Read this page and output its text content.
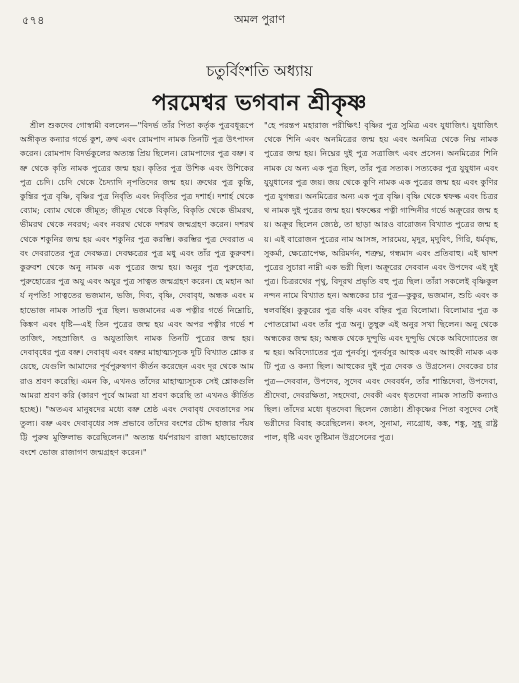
৫৭৪	অমল পুরাণ
চতুর্বিংশতি অধ্যায়
পরমেশ্বর ভগবান শ্রীকৃষ্ণ

শ্রীল শুকদেব গোস্বামী বললেন—"বিদর্ভ তাঁর পিতা কর্তৃক পুত্রবধূরূপে অঙ্গীকৃত কন্যার গর্ভে কুশ, ক্রথ এবং রোমপাদ নামক তিনটি পুত্র উৎপাদন করেন। রোমপাদ বিদর্ভকুলের অত্যন্ত প্রিয় ছিলেন। রোমপাদের পুত্র বভ্রু। বভ্রু থেকে কৃতি নামক পুত্রের জন্ম হয়। কৃতির পুত্র উশিক এবং উশিকের পুত্র চেদি। চেদি থেকে চৈদ্যাদি নৃপতিদের জন্ম হয়। ক্রথের পুত্র কুন্তি, কুন্তির পুত্র বৃষ্ণি, বৃষ্ণির পুত্র নির্বৃতি এবং নির্বৃতির পুত্র দশার্হ। দশার্হ থেকে ব্যোম; ব্যোম থেকে জীমূত; জীমূত থেকে বিকৃতি, বিকৃতি থেকে ভীমরথ, ভীমরথ থেকে নবরথ; এবং নবরথ থেকে দশরথ জন্মগ্রহণ করেন। দশরথ থেকে শকুনির জন্ম হয় এবং শকুনির পুত্র করম্ভি। করম্ভির পুত্র দেবরাত এবং দেবরাতের পুত্র দেবক্ষত্র। দেবক্ষত্রের পুত্র মধু এবং তাঁর পুত্র কুরুবশ। কুরুবশ থেকে অনু নামক এক পুত্রের জন্ম হয়। অনুর পুত্র পুরুহোত্র, পুরুহোত্রের পুত্র অযু এবং অযুর পুত্র সাত্বত জন্মগ্রহণ করেন। হে মহান আর্য নৃপতি! সাত্বতের ভজমান, ভজি, দিব্য, বৃষ্ণি, দেবাবৃধ, অন্ধক এবং মহাভোজ নামক সাতটি পুত্র ছিল। ভজমানের এক পত্নীর গর্ভে নিম্নোচি, কিঙ্কণ এবং ধৃষ্টি—এই তিন পুত্রের জন্ম হয় এবং অপর পত্নীর গর্ভে শতাজিৎ, সহস্রাজিৎ ও অযুতাজিৎ নামক তিনটি পুত্রের জন্ম হয়। দেবাবৃধের পুত্র বভ্রু। দেবাবৃধ এবং বভ্রুর মাহাত্ম্যসূচক দুটি বিখ্যাত শ্লোক রয়েছে, যেগুলি আমাদের পূর্বপুরুষগণ কীর্তন করেছেন এবং দূর থেকে আমরাও শ্রবণ করেছি। এমন কি, এখনও তাঁদের মাহাত্ম্যসূচক সেই শ্লোকগুলি আমরা শ্রবণ করি (কারণ পূর্বে আমরা যা শ্রবণ করেছি তা এখনও কীর্তিত হচ্ছে)। "অতএব মানুষদের মধ্যে বভ্রু শ্রেষ্ঠ এবং দেবাবৃধ দেবতাদের সমতুল্য। বভ্রু এবং দেবাবৃধের সঙ্গ প্রভাবে তাঁদের বংশের চৌদ্দ হাজার পঁয়ষট্টি পুরুষ মুক্তিলাভ করেছিলেন।" অত্যন্ত ধর্মপরায়ণ রাজা মহাভোজের বংশে ভোজ রাজাগণ জন্মগ্রহণ করেন।"

"হে পরন্তপ মহারাজ পরীক্ষিৎ! বৃষ্ণির পুত্র সুমিত্র এবং যুধাজিৎ। যুধাজিৎ থেকে শিনি এবং অনমিত্রের জন্ম হয় এবং অনমিত্র থেকে নিঘ্ন নামক পুত্রের জন্ম হয়। নিঘ্নের দুই পুত্র সত্রাজিৎ এবং প্রসেন। অনমিত্রের শিনি নামক যে অন্য এক পুত্র ছিল, তাঁর পুত্র সত্যক। সত্যকের পুত্র যুযুধান এবং যুযুধানের পুত্র জয়। জয় থেকে কুণি নামক এক পুত্রের জন্ম হয় এবং কুণির পুত্র যুগন্ধর। অনমিত্রের অন্য এক পুত্র বৃষ্ণি। বৃষ্ণি থেকে শ্বফল্ক এবং চিত্ররথ নামক দুই পুত্রের জন্ম হয়। শ্বফল্কের পত্নী গান্দিনীর গর্ভে অক্রূরের জন্ম হয়। অক্রূর ছিলেন জ্যেষ্ঠ, তা ছাড়া আরও বারোজন বিখ্যাত পুত্রের জন্ম হয়। এই বারোজন পুত্রের নাম আসঙ্গ, সারমেয়, মৃদুর, মৃদুবিৎ, গিরি, ধর্মবৃদ্ধ, সুকর্মা, ক্ষেত্রোপেক্ষ, অরিমর্দন, শত্রুঘ্ন, গন্ধমাদ এবং প্রতিবাহু। এই দ্বাদশ পুত্রের সুচারা নাম্নী এক ভগ্নী ছিল। অক্রূরের দেববান এবং উপদেব এই দুই পুত্র। চিত্ররথের পৃথু, বিদূরথ প্রভৃতি বহু পুত্র ছিল। তাঁরা সকলেই বৃষ্ণিকুলনন্দন নামে বিখ্যাত হন। অন্ধকের চার পুত্র—কুকুর, ভজমান, শুচি এবং কম্বলবর্হিষ। কুকুরের পুত্র বহ্নি এবং বহ্নির পুত্র বিলোমা। বিলোমার পুত্র কপোতরোমা এবং তাঁর পুত্র অনু। তুম্বুরু এই অনুর সখা ছিলেন। অনু থেকে অন্ধকের জন্ম হয়; অন্ধক থেকে দুন্দুভি এবং দুন্দুভি থেকে অবিদ্যোতের জন্ম হয়। অবিদ্যোতের পুত্র পুনর্বসু। পুনর্বসুর আহুক এবং আহুকী নামক একটি পুত্র ও কন্যা ছিল। আহুকের দুই পুত্র দেবক ও উগ্রসেন। দেবকের চারপুত্র—দেববান, উপদেব, সুদেব এবং দেববর্ধন, তাঁর শান্তিদেবা, উপদেবা, শ্রীদেবা, দেবরক্ষিতা, সহদেবা, দেবকী এবং ধৃতদেবা নামক সাতটি কন্যাও ছিল। তাঁদের মধ্যে ধৃতদেবা ছিলেন জ্যেষ্ঠা। শ্রীকৃষ্ণের পিতা বসুদেব সেই ভগ্নীদের বিবাহ করেছিলেন। কংস, সুনামা, ন্যগ্রোধ, কঙ্ক, শঙ্কু, সুহূ রাষ্ট্রপাল, ধৃষ্টি এবং তুষ্টিমান উগ্রসেনের পুত্র।
